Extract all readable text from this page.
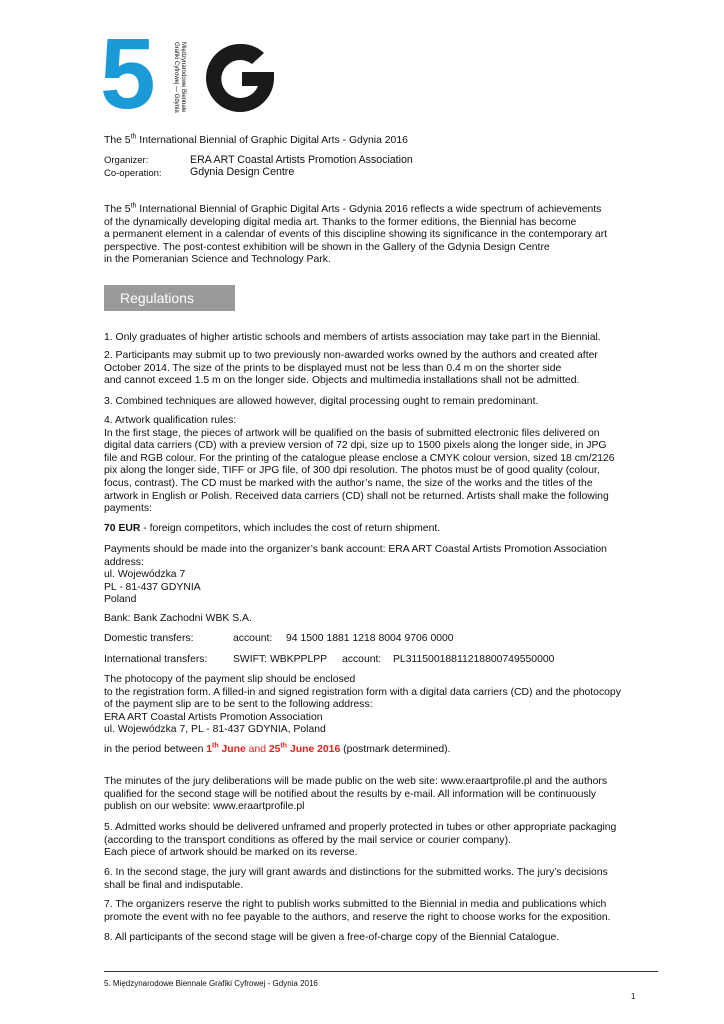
5	Międzynarodowe Biennale
Grafiki Cyfrowej — Gdynia

The 5th International Biennial of Graphic Digital Arts - Gdynia 2016

Organizer:	ERA ART Coastal Artists Promotion Association
Co-operation:	Gdynia Design Centre
The 5th International Biennial of Graphic Digital Arts - Gdynia 2016 reflects a wide spectrum of achievements
of the dynamically developing digital media art. Thanks to the former editions, the Biennial has become
a permanent element in a calendar of events of this discipline showing its significance in the contemporary art
perspective. The post-contest exhibition will be shown in the Gallery of the Gdynia Design Centre
in the Pomeranian Science and Technology Park.
Regulations
1. Only graduates of higher artistic schools and members of artists association may take part in the Biennial.
2. Participants may submit up to two previously non-awarded works owned by the authors and created after
October 2014. The size of the prints to be displayed must not be less than 0.4 m on the shorter side
and cannot exceed 1.5 m on the longer side. Objects and multimedia installations shall not be admitted.
3. Combined techniques are allowed however, digital processing ought to remain predominant.
4. Artwork qualification rules:
In the first stage, the pieces of artwork will be qualified on the basis of submitted electronic files delivered on
digital data carriers (CD) with a preview version of 72 dpi, size up to 1500 pixels along the longer side, in JPG
file and RGB colour. For the printing of the catalogue please enclose a CMYK colour version, sized 18 cm/2126
pix along the longer side, TIFF or JPG file, of 300 dpi resolution. The photos must be of good quality (colour,
focus, contrast). The CD must be marked with the author’s name, the size of the works and the titles of the
artwork in English or Polish. Received data carriers (CD) shall not be returned. Artists shall make the following
payments:
70 EUR - foreign competitors, which includes the cost of return shipment.
Payments should be made into the organizer’s bank account: ERA ART Coastal Artists Promotion Association
address:
ul. Wojewódzka 7
PL - 81-437 GDYNIA
Poland
Bank: Bank Zachodni WBK S.A.
Domestic transfers:	account: 94 1500 1881 1218 8004 9706 0000
International transfers: SWIFT: WBKPPLPP account: PL31150018811218800749550000
The photocopy of the payment slip should be enclosed
to the registration form. A filled-in and signed registration form with a digital data carriers (CD) and the photocopy
of the payment slip are to be sent to the following address:
ERA ART Coastal Artists Promotion Association
ul. Wojewódzka 7, PL - 81-437 GDYNIA, Poland
in the period between 1th June and 25th June 2016 (postmark determined).
The minutes of the jury deliberations will be made public on the web site: www.eraartprofile.pl and the authors
qualified for the second stage will be notified about the results by e-mail. All information will be continuously
publish on our website: www.eraartprofile.pl
5. Admitted works should be delivered unframed and properly protected in tubes or other appropriate packaging
(according to the transport conditions as offered by the mail service or courier company).
Each piece of artwork should be marked on its reverse.
6. In the second stage, the jury will grant awards and distinctions for the submitted works. The jury’s decisions
shall be final and indisputable.
7. The organizers reserve the right to publish works submitted to the Biennial in media and publications which
promote the event with no fee payable to the authors, and reserve the right to choose works for the exposition.
8. All participants of the second stage will be given a free-of-charge copy of the Biennial Catalogue.
5. Międzynarodowe Biennale Grafiki Cyfrowej - Gdynia 2016
1
